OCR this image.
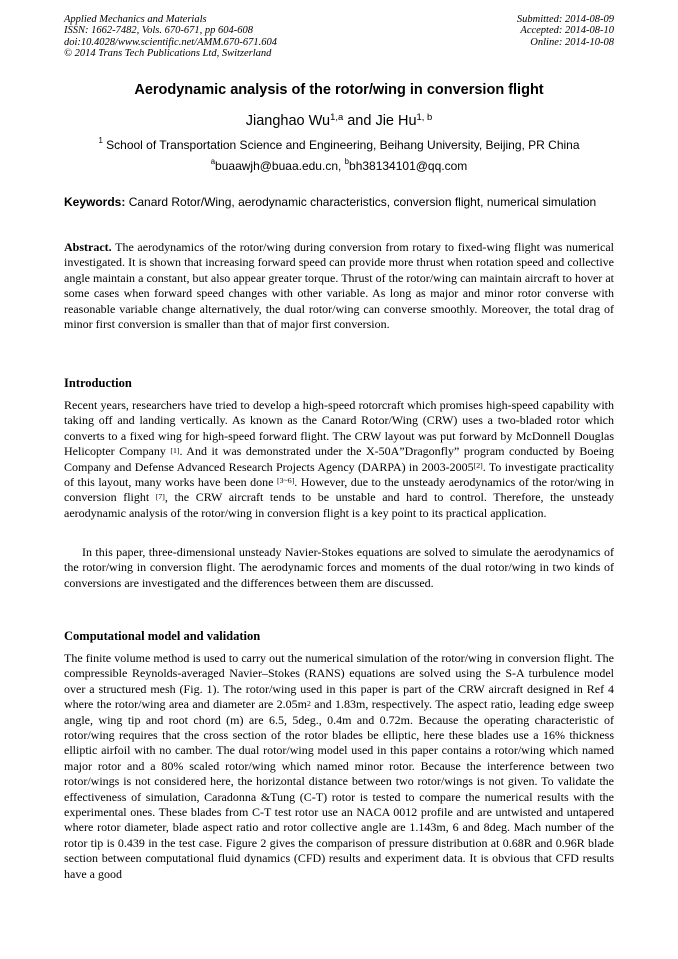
Applied Mechanics and Materials
ISSN: 1662-7482, Vols. 670-671, pp 604-608
doi:10.4028/www.scientific.net/AMM.670-671.604
© 2014 Trans Tech Publications Ltd, Switzerland
Submitted: 2014-08-09
Accepted: 2014-08-10
Online: 2014-10-08
Aerodynamic analysis of the rotor/wing in conversion flight
Jianghao Wu$^{1,a}$ and Jie Hu$^{1, b}$
$^1$ School of Transportation Science and Engineering, Beihang University, Beijing, PR China
$^a$buaawjh@buaa.edu.cn, $^b$bh38134101@qq.com
Keywords: Canard Rotor/Wing, aerodynamic characteristics, conversion flight, numerical simulation

Abstract. The aerodynamics of the rotor/wing during conversion from rotary to fixed-wing flight was numerical investigated. It is shown that increasing forward speed can provide more thrust when rotation speed and collective angle maintain a constant, but also appear greater torque. Thrust of the rotor/wing can maintain aircraft to hover at some cases when forward speed changes with other variable. As long as major and minor rotor converse with reasonable variable change alternatively, the dual rotor/wing can converse smoothly. Moreover, the total drag of minor first conversion is smaller than that of major first conversion.

Introduction

Recent years, researchers have tried to develop a high-speed rotorcraft which promises high-speed capability with taking off and landing vertically. As known as the Canard Rotor/Wing (CRW) uses a two-bladed rotor which converts to a fixed wing for high-speed forward flight. The CRW layout was put forward by McDonnell Douglas Helicopter Company [1]. And it was demonstrated under the X-50A”Dragonfly” program conducted by Boeing Company and Defense Advanced Research Projects Agency (DARPA) in 2003-2005[2]. To investigate practicality of this layout, many works have been done [3~6]. However, due to the unsteady aerodynamics of the rotor/wing in conversion flight [7], the CRW aircraft tends to be unstable and hard to control. Therefore, the unsteady aerodynamic analysis of the rotor/wing in conversion flight is a key point to its practical application.

In this paper, three-dimensional unsteady Navier-Stokes equations are solved to simulate the aerodynamics of the rotor/wing in conversion flight. The aerodynamic forces and moments of the dual rotor/wing in two kinds of conversions are investigated and the differences between them are discussed.

Computational model and validation

The finite volume method is used to carry out the numerical simulation of the rotor/wing in conversion flight. The compressible Reynolds-averaged Navier–Stokes (RANS) equations are solved using the S-A turbulence model over a structured mesh (Fig. 1). The rotor/wing used in this paper is part of the CRW aircraft designed in Ref 4 where the rotor/wing area and diameter are $2.05m^2$ and 1.83m, respectively. The aspect ratio, leading edge sweep angle, wing tip and root chord (m) are 6.5, 5deg., 0.4m and 0.72m. Because the operating characteristic of rotor/wing requires that the cross section of the rotor blades be elliptic, here these blades use a 16% thickness elliptic airfoil with no camber. The dual rotor/wing model used in this paper contains a rotor/wing which named major rotor and a 80% scaled rotor/wing which named minor rotor. Because the interference between two rotor/wings is not considered here, the horizontal distance between two rotor/wings is not given. To validate the effectiveness of simulation, Caradonna &Tung (C-T) rotor is tested to compare the numerical results with the experimental ones. These blades from C-T test rotor use an NACA 0012 profile and are untwisted and untapered where rotor diameter, blade aspect ratio and rotor collective angle are 1.143m, 6 and 8deg. Mach number of the rotor tip is 0.439 in the test case. Figure 2 gives the comparison of pressure distribution at 0.68R and 0.96R blade section between computational fluid dynamics (CFD) results and experiment data. It is obvious that CFD results have a good
